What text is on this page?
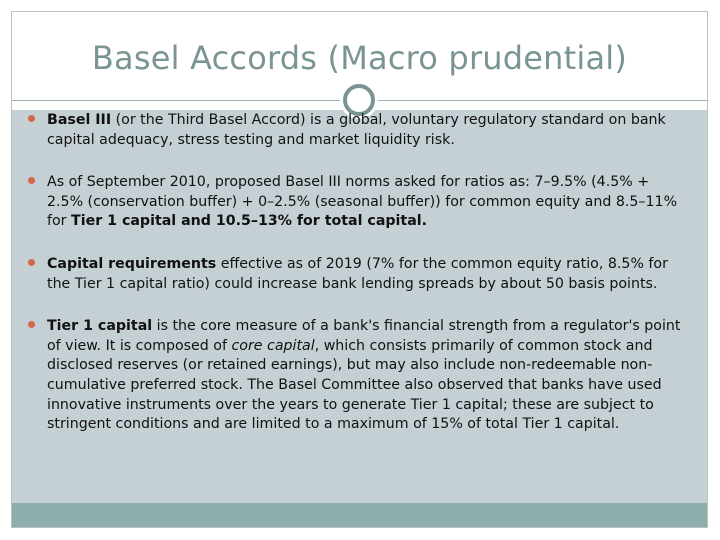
Basel Accords (Macro prudential)
Basel III (or the Third Basel Accord) is a global, voluntary regulatory standard on bank capital adequacy, stress testing and market liquidity risk.
As of September 2010, proposed Basel III norms asked for ratios as: 7–9.5% (4.5% + 2.5% (conservation buffer) + 0–2.5% (seasonal buffer)) for common equity and 8.5–11% for Tier 1 capital and 10.5–13% for total capital.
Capital requirements effective as of 2019 (7% for the common equity ratio, 8.5% for the Tier 1 capital ratio) could increase bank lending spreads by about 50 basis points.
Tier 1 capital is the core measure of a bank's financial strength from a regulator's point of view. It is composed of core capital, which consists primarily of common stock and disclosed reserves (or retained earnings), but may also include non-redeemable non-cumulative preferred stock. The Basel Committee also observed that banks have used innovative instruments over the years to generate Tier 1 capital; these are subject to stringent conditions and are limited to a maximum of 15% of total Tier 1 capital.
